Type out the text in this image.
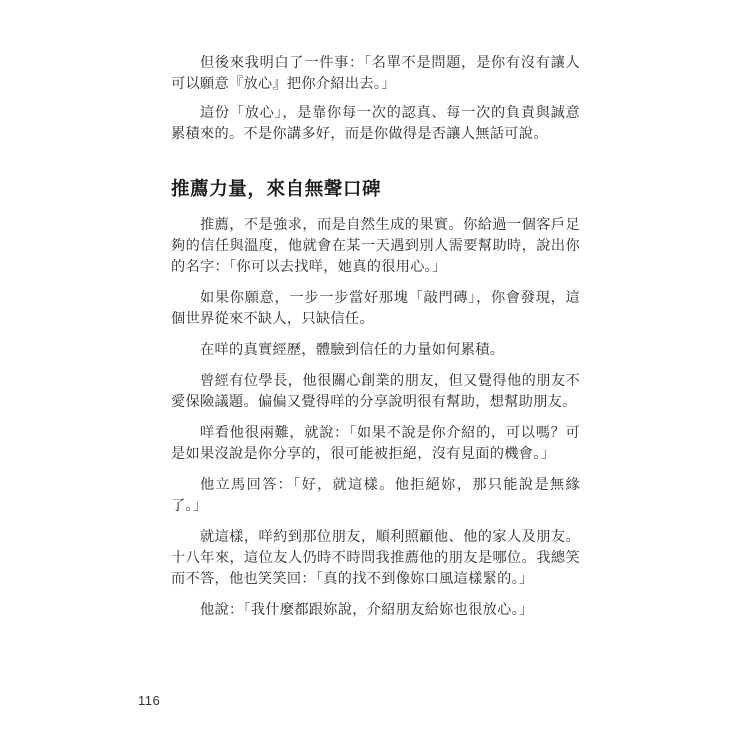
但後來我明白了一件事：「名單不是問題，是你有沒有讓人可以願意『放心』把你介紹出去。」

這份「放心」，是靠你每一次的認真、每一次的負責與誠意累積來的。不是你講多好，而是你做得是否讓人無話可說。

推薦力量，來自無聲口碑

推薦，不是強求，而是自然生成的果實。你給過一個客戶足夠的信任與溫度，他就會在某一天遇到別人需要幫助時，說出你的名字：「你可以去找咩，她真的很用心。」

如果你願意，一步一步當好那塊「敲門磚」，你會發現，這個世界從來不缺人，只缺信任。

在咩的真實經歷，體驗到信任的力量如何累積。

曾經有位學長，他很關心創業的朋友，但又覺得他的朋友不愛保險議題。偏偏又覺得咩的分享說明很有幫助，想幫助朋友。

咩看他很兩難，就說：「如果不說是你介紹的，可以嗎？可是如果沒說是你分享的，很可能被拒絕，沒有見面的機會。」

他立馬回答：「好，就這樣。他拒絕妳，那只能說是無緣了。」

就這樣，咩約到那位朋友，順利照顧他、他的家人及朋友。十八年來，這位友人仍時不時問我推薦他的朋友是哪位。我總笑而不答，他也笑笑回：「真的找不到像妳口風這樣緊的。」

他說：「我什麼都跟妳說，介紹朋友給妳也很放心。」

116
